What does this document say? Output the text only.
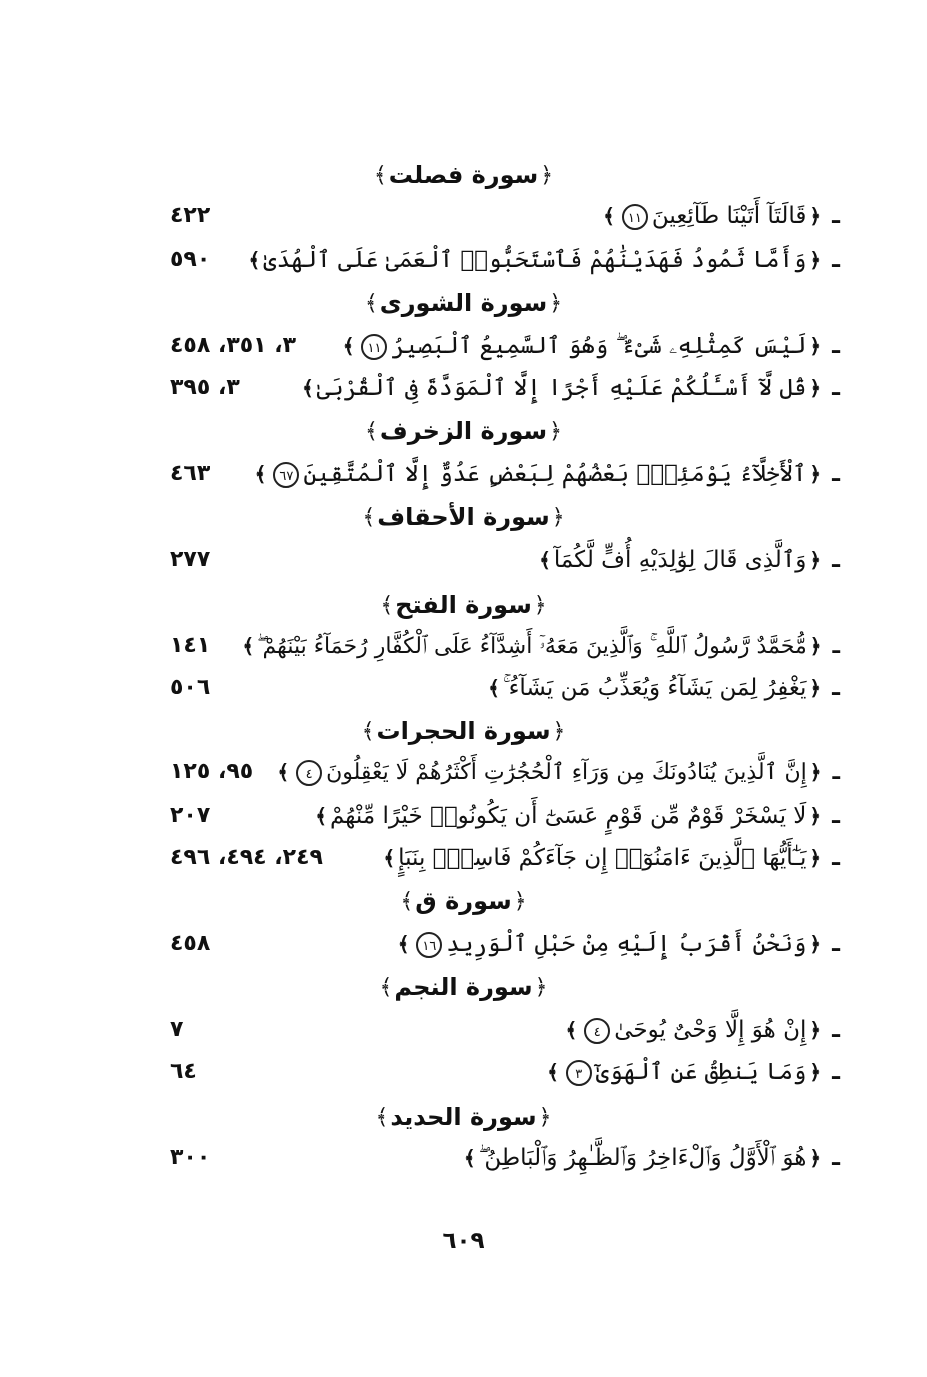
﴿سورة فصلت﴾
ـ﴿قَالَتَآ أَتَيْنَا طَآئِعِينَ١١﴾
٤٢٢
ـ﴿وَأَمَّا ثَمُودُ فَهَدَيْنَٰهُمْ فَٱسْتَحَبُّوا۟ ٱلْعَمَىٰ عَلَى ٱلْهُدَىٰ﴾
٥٩٠
﴿سورة الشورى﴾
ـ﴿لَيْسَ كَمِثْلِهِۦ شَىْءٌ ۖ وَهُوَ ٱلسَّمِيعُ ٱلْبَصِيرُ١١﴾
٣، ٣٥١، ٤٥٨
ـ﴿قُل لَّآ أَسْـَٔلُكُمْ عَلَيْهِ أَجْرًا إِلَّا ٱلْمَوَدَّةَ فِى ٱلْقُرْبَىٰ﴾
٣، ٣٩٥
﴿سورة الزخرف﴾
ـ﴿ٱلْأَخِلَّآءُ يَوْمَئِذٍۭ بَعْضُهُمْ لِبَعْضٍ عَدُوٌّ إِلَّا ٱلْمُتَّقِينَ٦٧﴾
٤٦٣
﴿سورة الأحقاف﴾
ـ﴿وَٱلَّذِى قَالَ لِوَٰلِدَيْهِ أُفٍّ لَّكُمَآ﴾
٢٧٧
﴿سورة الفتح﴾
ـ﴿مُّحَمَّدٌ رَّسُولُ ٱللَّهِ ۚ وَٱلَّذِينَ مَعَهُۥٓ أَشِدَّآءُ عَلَى ٱلْكُفَّارِ رُحَمَآءُ بَيْنَهُمْ ۖ﴾
١٤١
ـ﴿يَغْفِرُ لِمَن يَشَآءُ وَيُعَذِّبُ مَن يَشَآءُ ۚ﴾
٥٠٦
﴿سورة الحجرات﴾
ـ﴿إِنَّ ٱلَّذِينَ يُنَادُونَكَ مِن وَرَآءِ ٱلْحُجُرَٰتِ أَكْثَرُهُمْ لَا يَعْقِلُونَ٤﴾
٩٥، ١٢٥
ـ﴿لَا يَسْخَرْ قَوْمٌ مِّن قَوْمٍ عَسَىٰٓ أَن يَكُونُوا۟ خَيْرًا مِّنْهُمْ﴾
٢٠٧
ـ﴿يَـٰٓأَيُّهَا ٱلَّذِينَ ءَامَنُوٓا۟ إِن جَآءَكُمْ فَاسِقٌۢ بِنَبَإٍ﴾
٢٤٩، ٤٩٤، ٤٩٦
﴿سورة ق﴾
ـ﴿وَنَحْنُ أَقْرَبُ إِلَيْهِ مِنْ حَبْلِ ٱلْوَرِيدِ١٦﴾
٤٥٨
﴿سورة النجم﴾
ـ﴿إِنْ هُوَ إِلَّا وَحْىٌ يُوحَىٰ٤﴾
٧
ـ﴿وَمَا يَنطِقُ عَنِ ٱلْهَوَىٰٓ٣﴾
٦٤
﴿سورة الحديد﴾
ـ﴿هُوَ ٱلْأَوَّلُ وَٱلْءَاخِرُ وَٱلظَّـٰهِرُ وَٱلْبَاطِنُ ۖ﴾
٣٠٠
٦٠٩
